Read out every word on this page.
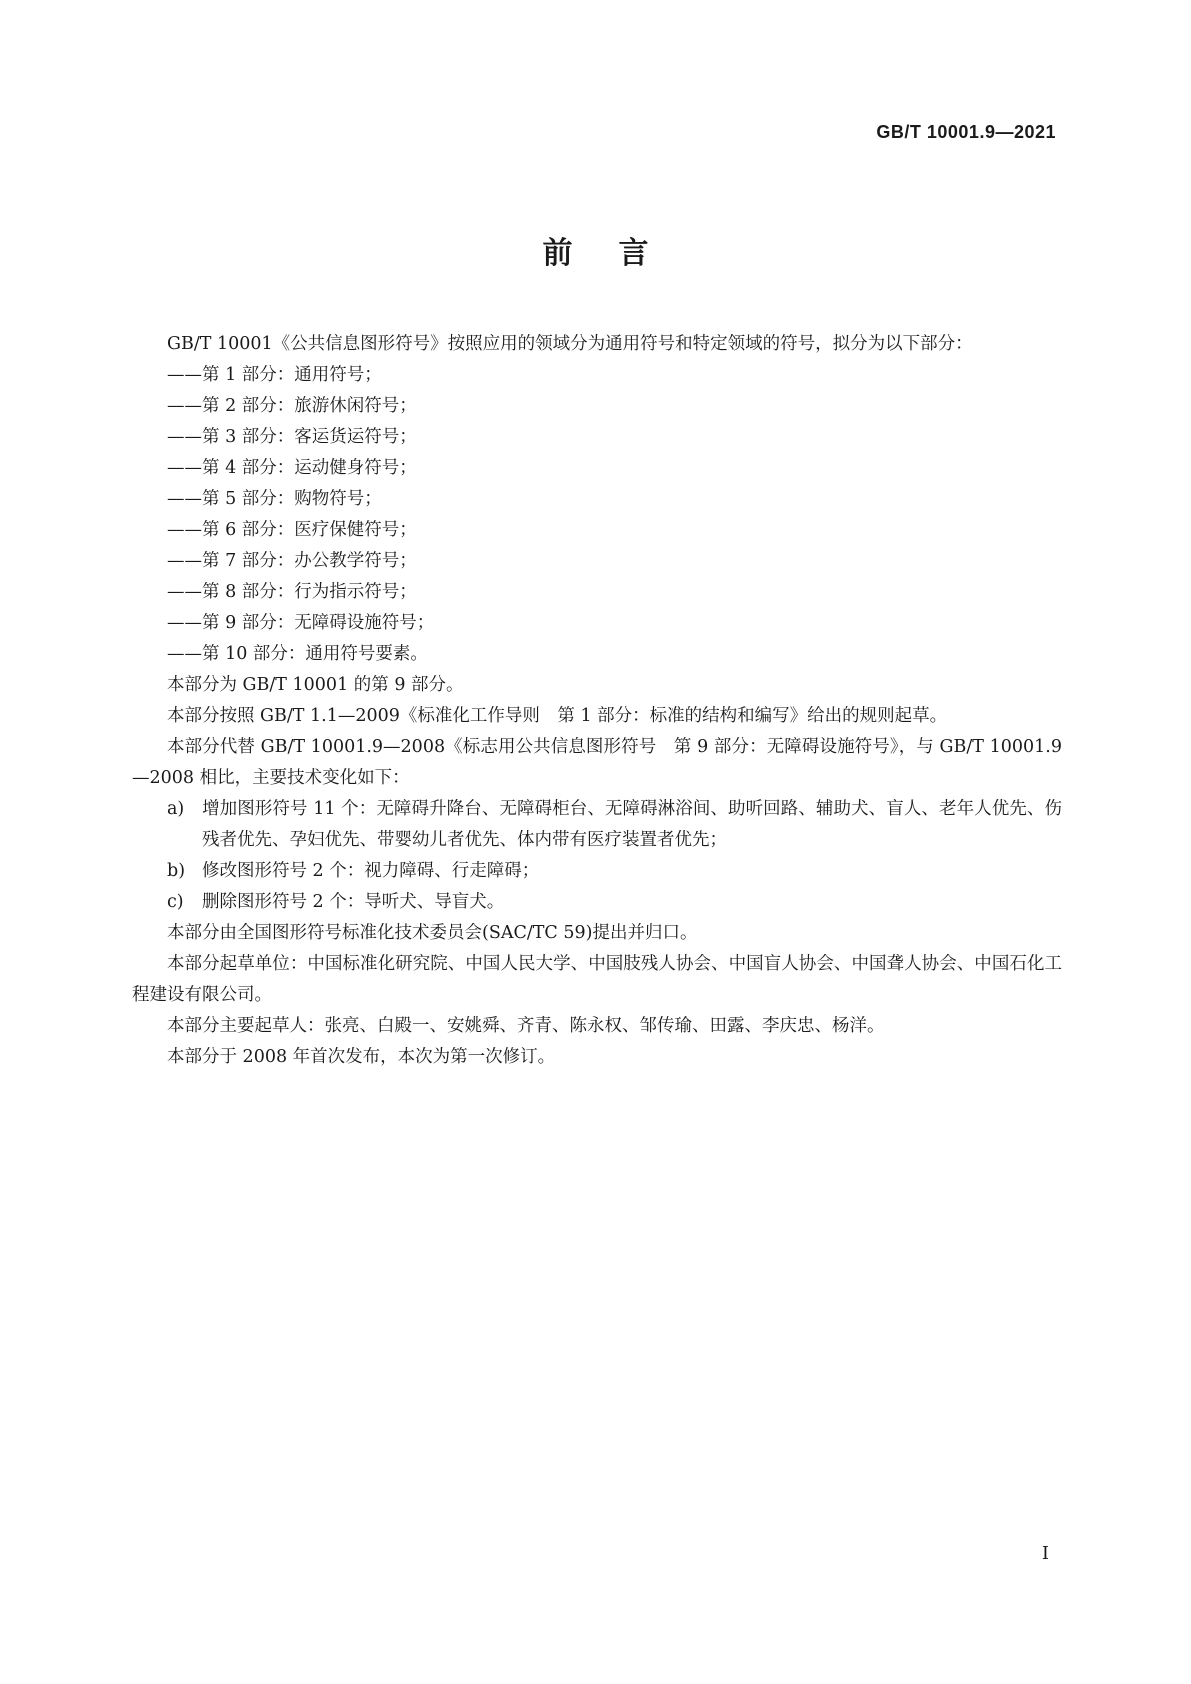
GB/T 10001.9—2021
前言

GB/T 10001《公共信息图形符号》按照应用的领域分为通用符号和特定领域的符号，拟分为以下部分：

——第 1 部分：通用符号；

——第 2 部分：旅游休闲符号；

——第 3 部分：客运货运符号；

——第 4 部分：运动健身符号；

——第 5 部分：购物符号；

——第 6 部分：医疗保健符号；

——第 7 部分：办公教学符号；

——第 8 部分：行为指示符号；

——第 9 部分：无障碍设施符号；

——第 10 部分：通用符号要素。

本部分为 GB/T 10001 的第 9 部分。

本部分按照 GB/T 1.1—2009《标准化工作导则　第 1 部分：标准的结构和编写》给出的规则起草。

本部分代替 GB/T 10001.9—2008《标志用公共信息图形符号　第 9 部分：无障碍设施符号》，与 GB/T 10001.9—2008 相比，主要技术变化如下：

a) 增加图形符号 11 个：无障碍升降台、无障碍柜台、无障碍淋浴间、助听回路、辅助犬、盲人、老年人优先、伤残者优先、孕妇优先、带婴幼儿者优先、体内带有医疗装置者优先；

b) 修改图形符号 2 个：视力障碍、行走障碍；

c) 删除图形符号 2 个：导听犬、导盲犬。

本部分由全国图形符号标准化技术委员会(SAC/TC 59)提出并归口。

本部分起草单位：中国标准化研究院、中国人民大学、中国肢残人协会、中国盲人协会、中国聋人协会、中国石化工程建设有限公司。

本部分主要起草人：张亮、白殿一、安姚舜、齐青、陈永权、邹传瑜、田露、李庆忠、杨洋。

本部分于 2008 年首次发布，本次为第一次修订。

I
